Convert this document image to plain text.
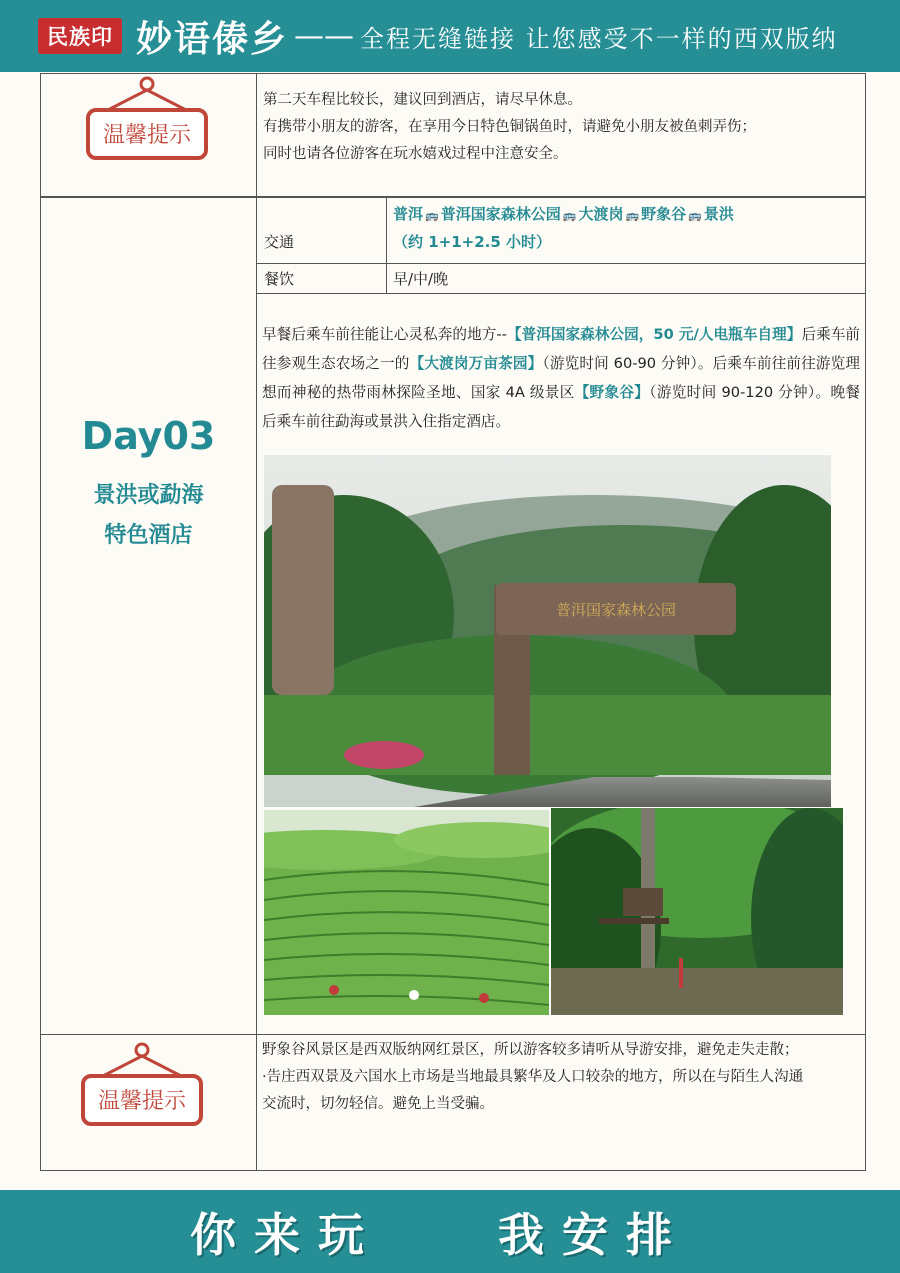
民族印 妙语傣乡 —— 全程无缝链接 让您感受不一样的西双版纳
温馨提示
第二天车程比较长，建议回到酒店，请尽早休息。
有携带小朋友的游客，在享用今日特色铜锅鱼时，请避免小朋友被鱼刺弄伤；
同时也请各位游客在玩水嬉戏过程中注意安全。
Day03
景洪或勐海
特色酒店
交通
普洱 🚌 普洱国家森林公园 🚌 大渡岗 🚌 野象谷 🚌 景洪
（约 1+1+2.5 小时）
餐饮	早/中/晚
早餐后乘车前往能让心灵私奔的地方--【普洱国家森林公园，50 元/人电瓶车自理】后乘车前往参观生态农场之一的【大渡岗万亩茶园】（游览时间 60-90 分钟）。后乘车前往前往游览理想而神秘的热带雨林探险圣地、国家 4A 级景区【野象谷】（游览时间 90-120 分钟）。晚餐后乘车前往勐海或景洪入住指定酒店。
普洱国家森林公园
温馨提示
野象谷风景区是西双版纳网红景区，所以游客较多请听从导游安排，避免走失走散；
·告庄西双景及六国水上市场是当地最具繁华及人口较杂的地方，所以在与陌生人沟通
交流时，切勿轻信。避免上当受骗。
你来玩	我安排
